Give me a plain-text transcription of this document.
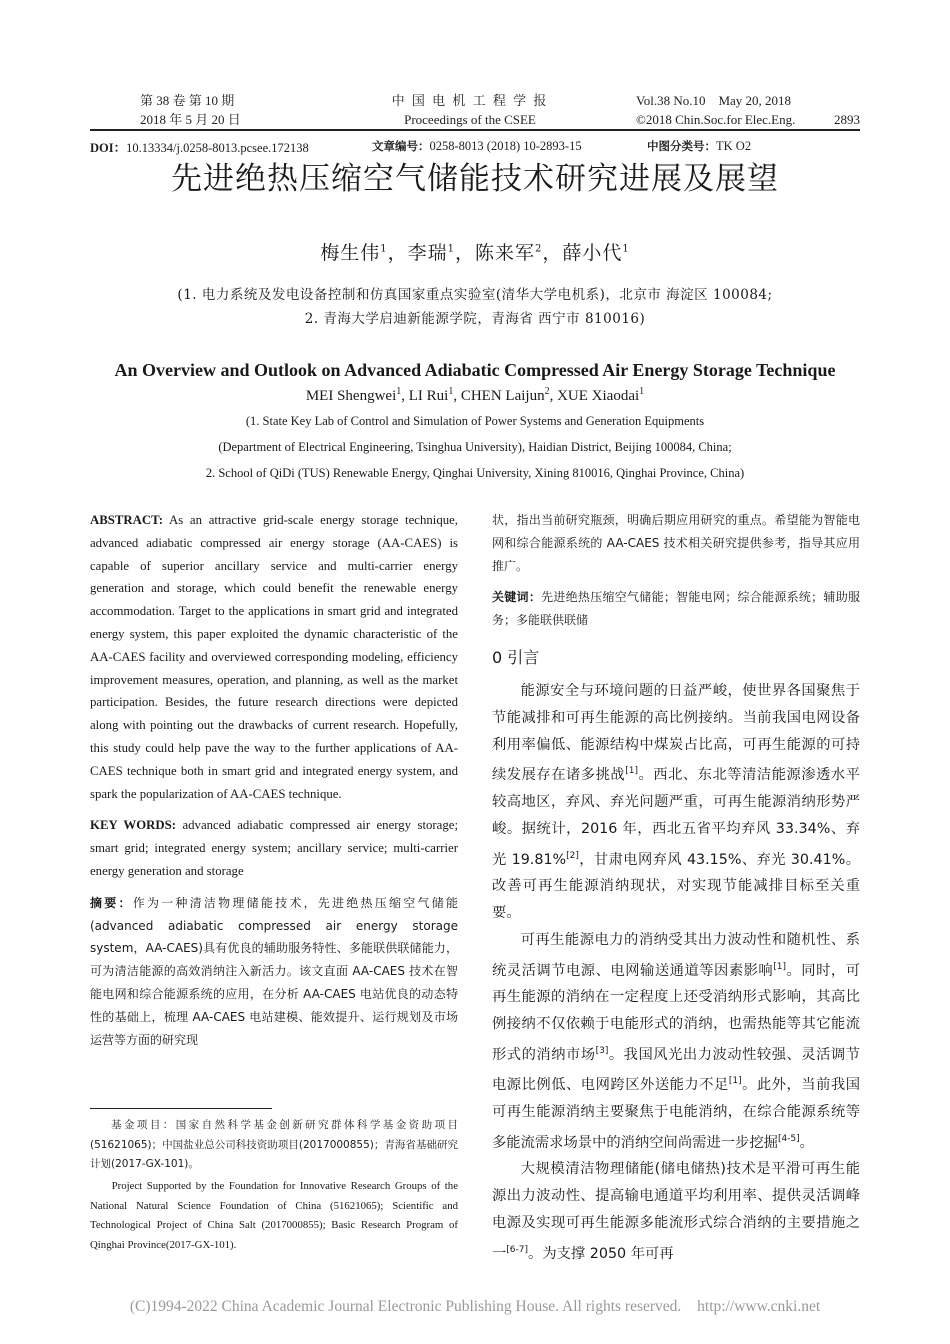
第 38 卷 第 10 期
2018 年 5 月 20 日
中 国 电 机 工 程 学 报
Proceedings of the CSEE
Vol.38 No.10    May 20, 2018
©2018 Chin.Soc.for Elec.Eng.	2893
DOI：10.13334/j.0258-8013.pcsee.172138	文章编号：0258-8013 (2018) 10-2893-15	中图分类号：TK O2
先进绝热压缩空气储能技术研究进展及展望
梅生伟$^1$，李瑞$^1$，陈来军$^2$，薛小代$^1$
(1. 电力系统及发电设备控制和仿真国家重点实验室(清华大学电机系)，北京市 海淀区 100084;
2. 青海大学启迪新能源学院，青海省 西宁市 810016)
An Overview and Outlook on Advanced Adiabatic Compressed Air Energy Storage Technique
MEI Shengwei$^1$, LI Rui$^1$, CHEN Laijun$^2$, XUE Xiaodai$^1$
(1. State Key Lab of Control and Simulation of Power Systems and Generation Equipments
(Department of Electrical Engineering, Tsinghua University), Haidian District, Beijing 100084, China;
2. School of QiDi (TUS) Renewable Energy, Qinghai University, Xining 810016, Qinghai Province, China)

ABSTRACT: As an attractive grid-scale energy storage technique, advanced adiabatic compressed air energy storage (AA-CAES) is capable of superior ancillary service and multi-carrier energy generation and storage, which could benefit the renewable energy accommodation. Target to the applications in smart grid and integrated energy system, this paper exploited the dynamic characteristic of the AA-CAES facility and overviewed corresponding modeling, efficiency improvement measures, operation, and planning, as well as the market participation. Besides, the future research directions were depicted along with pointing out the drawbacks of current research. Hopefully, this study could help pave the way to the further applications of AA-CAES technique both in smart grid and integrated energy system, and spark the popularization of AA-CAES technique.

KEY WORDS: advanced adiabatic compressed air energy storage; smart grid; integrated energy system; ancillary service; multi-carrier energy generation and storage

摘要：作为一种清洁物理储能技术，先进绝热压缩空气储能(advanced adiabatic compressed air energy storage system，AA-CAES)具有优良的辅助服务特性、多能联供联储能力，可为清洁能源的高效消纳注入新活力。该文直面 AA-CAES 技术在智能电网和综合能源系统的应用，在分析 AA-CAES 电站优良的动态特性的基础上，梳理 AA-CAES 电站建模、能效提升、运行规划及市场运营等方面的研究现

基金项目：国家自然科学基金创新研究群体科学基金资助项目(51621065)；中国盐业总公司科技资助项目(2017000855)；青海省基础研究计划(2017-GX-101)。
Project Supported by the Foundation for Innovative Research Groups of the National Natural Science Foundation of China (51621065); Scientific and Technological Project of China Salt (2017000855); Basic Research Program of Qinghai Province(2017-GX-101).

状，指出当前研究瓶颈，明确后期应用研究的重点。希望能为智能电网和综合能源系统的 AA-CAES 技术相关研究提供参考，指导其应用推广。

关键词：先进绝热压缩空气储能；智能电网；综合能源系统；辅助服务；多能联供联储

0 引言

能源安全与环境问题的日益严峻，使世界各国聚焦于节能减排和可再生能源的高比例接纳。当前我国电网设备利用率偏低、能源结构中煤炭占比高，可再生能源的可持续发展存在诸多挑战[1]。西北、东北等清洁能源渗透水平较高地区，弃风、弃光问题严重，可再生能源消纳形势严峻。据统计，2016 年，西北五省平均弃风 33.34%、弃光 19.81%[2]，甘肃电网弃风 43.15%、弃光 30.41%。改善可再生能源消纳现状，对实现节能减排目标至关重要。

可再生能源电力的消纳受其出力波动性和随机性、系统灵活调节电源、电网输送通道等因素影响[1]。同时，可再生能源的消纳在一定程度上还受消纳形式影响，其高比例接纳不仅依赖于电能形式的消纳，也需热能等其它能流形式的消纳市场[3]。我国风光出力波动性较强、灵活调节电源比例低、电网跨区外送能力不足[1]。此外，当前我国可再生能源消纳主要聚焦于电能消纳，在综合能源系统等多能流需求场景中的消纳空间尚需进一步挖掘[4-5]。

大规模清洁物理储能(储电储热)技术是平滑可再生能源出力波动性、提高输电通道平均利用率、提供灵活调峰电源及实现可再生能源多能流形式综合消纳的主要措施之一[6-7]。为支撑 2050 年可再

(C)1994-2022 China Academic Journal Electronic Publishing House. All rights reserved. http://www.cnki.net
